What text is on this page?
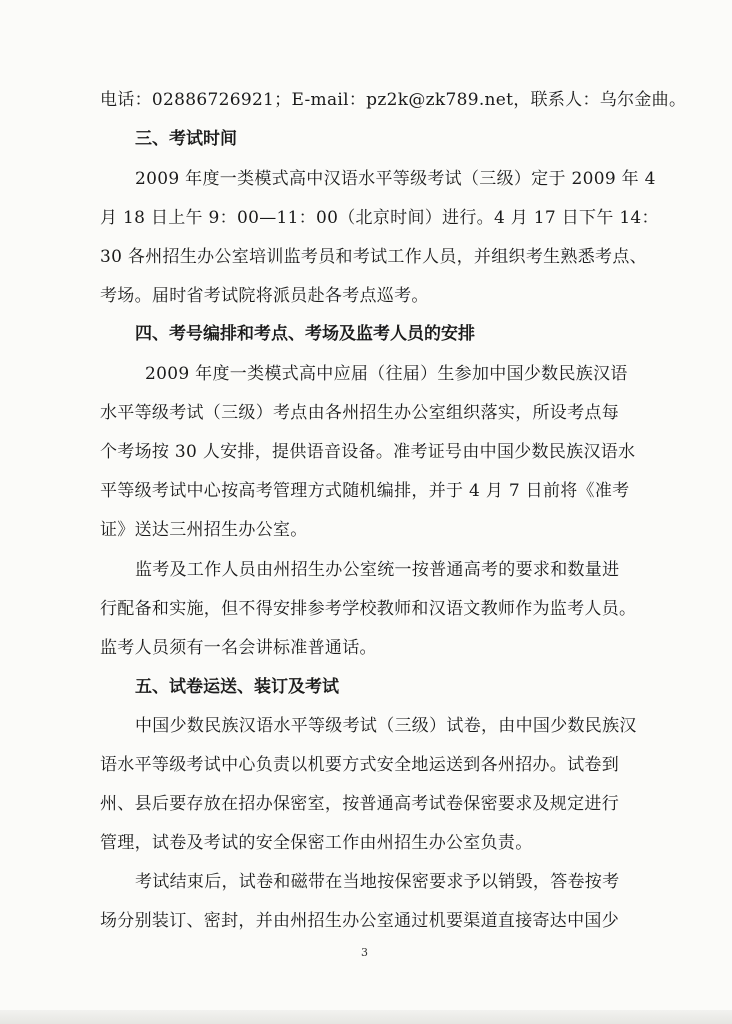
电话：02886726921；E-mail：pz2k@zk789.net，联系人：乌尔金曲。
三、考试时间
2009 年度一类模式高中汉语水平等级考试（三级）定于 2009 年 4
月 18 日上午 9：00—11：00（北京时间）进行。4 月 17 日下午 14：
30 各州招生办公室培训监考员和考试工作人员，并组织考生熟悉考点、
考场。届时省考试院将派员赴各考点巡考。
四、考号编排和考点、考场及监考人员的安排
2009 年度一类模式高中应届（往届）生参加中国少数民族汉语
水平等级考试（三级）考点由各州招生办公室组织落实，所设考点每
个考场按 30 人安排，提供语音设备。准考证号由中国少数民族汉语水
平等级考试中心按高考管理方式随机编排，并于 4 月 7 日前将《准考
证》送达三州招生办公室。
监考及工作人员由州招生办公室统一按普通高考的要求和数量进
行配备和实施，但不得安排参考学校教师和汉语文教师作为监考人员。
监考人员须有一名会讲标准普通话。
五、试卷运送、装订及考试
中国少数民族汉语水平等级考试（三级）试卷，由中国少数民族汉
语水平等级考试中心负责以机要方式安全地运送到各州招办。试卷到
州、县后要存放在招办保密室，按普通高考试卷保密要求及规定进行
管理，试卷及考试的安全保密工作由州招生办公室负责。
考试结束后，试卷和磁带在当地按保密要求予以销毁，答卷按考
场分别装订、密封，并由州招生办公室通过机要渠道直接寄达中国少
3
